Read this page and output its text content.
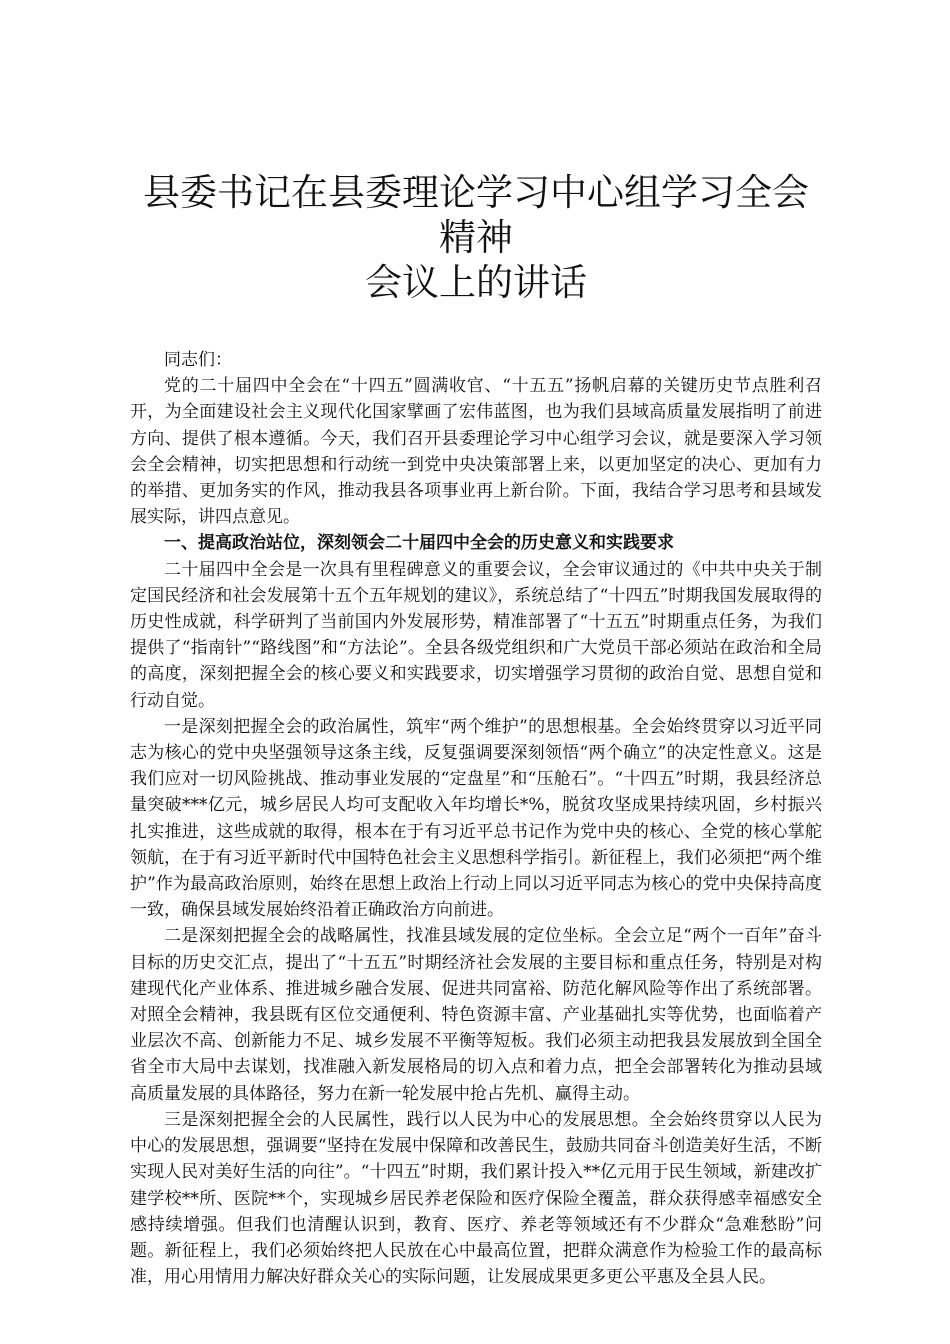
县委书记在县委理论学习中心组学习全会精神
会议上的讲话

同志们：

党的二十届四中全会在“十四五”圆满收官、“十五五”扬帆启幕的关键历史节点胜利召开，为全面建设社会主义现代化国家擘画了宏伟蓝图，也为我们县域高质量发展指明了前进方向、提供了根本遵循。今天，我们召开县委理论学习中心组学习会议，就是要深入学习领会全会精神，切实把思想和行动统一到党中央决策部署上来，以更加坚定的决心、更加有力的举措、更加务实的作风，推动我县各项事业再上新台阶。下面，我结合学习思考和县域发展实际，讲四点意见。

一、提高政治站位，深刻领会二十届四中全会的历史意义和实践要求

二十届四中全会是一次具有里程碑意义的重要会议，全会审议通过的《中共中央关于制定国民经济和社会发展第十五个五年规划的建议》，系统总结了“十四五”时期我国发展取得的历史性成就，科学研判了当前国内外发展形势，精准部署了“十五五”时期重点任务，为我们提供了“指南针”“路线图”和“方法论”。全县各级党组织和广大党员干部必须站在政治和全局的高度，深刻把握全会的核心要义和实践要求，切实增强学习贯彻的政治自觉、思想自觉和行动自觉。

一是深刻把握全会的政治属性，筑牢“两个维护”的思想根基。全会始终贯穿以习近平同志为核心的党中央坚强领导这条主线，反复强调要深刻领悟“两个确立”的决定性意义。这是我们应对一切风险挑战、推动事业发展的“定盘星”和“压舱石”。“十四五”时期，我县经济总量突破***亿元，城乡居民人均可支配收入年均增长*%，脱贫攻坚成果持续巩固，乡村振兴扎实推进，这些成就的取得，根本在于有习近平总书记作为党中央的核心、全党的核心掌舵领航，在于有习近平新时代中国特色社会主义思想科学指引。新征程上，我们必须把“两个维护”作为最高政治原则，始终在思想上政治上行动上同以习近平同志为核心的党中央保持高度一致，确保县域发展始终沿着正确政治方向前进。

二是深刻把握全会的战略属性，找准县域发展的定位坐标。全会立足“两个一百年”奋斗目标的历史交汇点，提出了“十五五”时期经济社会发展的主要目标和重点任务，特别是对构建现代化产业体系、推进城乡融合发展、促进共同富裕、防范化解风险等作出了系统部署。对照全会精神，我县既有区位交通便利、特色资源丰富、产业基础扎实等优势，也面临着产业层次不高、创新能力不足、城乡发展不平衡等短板。我们必须主动把我县发展放到全国全省全市大局中去谋划，找准融入新发展格局的切入点和着力点，把全会部署转化为推动县域高质量发展的具体路径，努力在新一轮发展中抢占先机、赢得主动。

三是深刻把握全会的人民属性，践行以人民为中心的发展思想。全会始终贯穿以人民为中心的发展思想，强调要“坚持在发展中保障和改善民生，鼓励共同奋斗创造美好生活，不断实现人民对美好生活的向往”。“十四五”时期，我们累计投入**亿元用于民生领域，新建改扩建学校**所、医院**个，实现城乡居民养老保险和医疗保险全覆盖，群众获得感幸福感安全感持续增强。但我们也清醒认识到，教育、医疗、养老等领域还有不少群众“急难愁盼”问题。新征程上，我们必须始终把人民放在心中最高位置，把群众满意作为检验工作的最高标准，用心用情用力解决好群众关心的实际问题，让发展成果更多更公平惠及全县人民。
